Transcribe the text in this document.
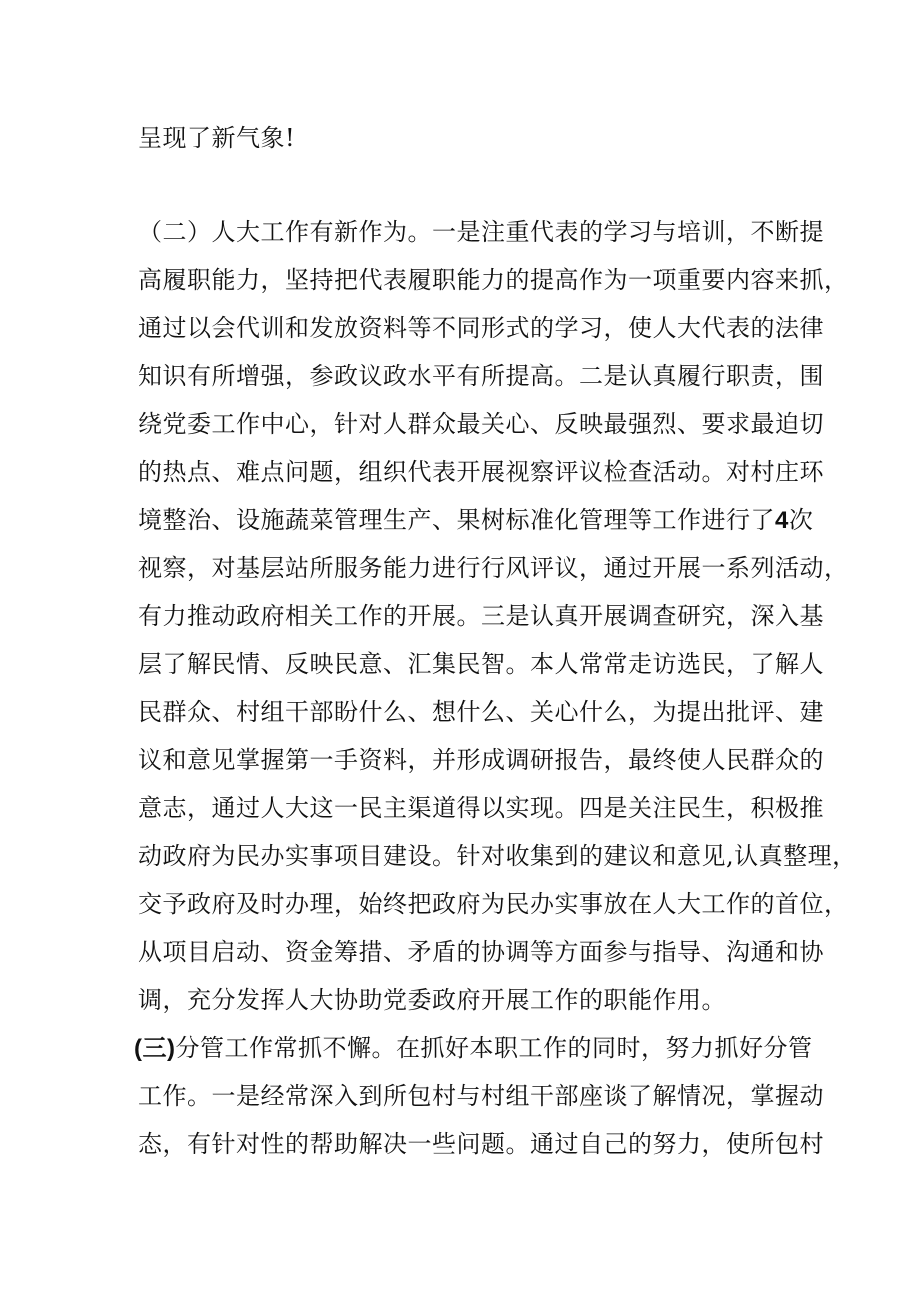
呈现了新气象!
（二）人大工作有新作为。一是注重代表的学习与培训，不断提
高履职能力，坚持把代表履职能力的提高作为一项重要内容来抓，
通过以会代训和发放资料等不同形式的学习，使人大代表的法律
知识有所增强，参政议政水平有所提高。二是认真履行职责，围
绕党委工作中心，针对人群众最关心、反映最强烈、要求最迫切
的热点、难点问题，组织代表开展视察评议检查活动。对村庄环
境整治、设施蔬菜管理生产、果树标准化管理等工作进行了4次
视察，对基层站所服务能力进行行风评议，通过开展一系列活动，
有力推动政府相关工作的开展。三是认真开展调查研究，深入基
层了解民情、反映民意、汇集民智。本人常常走访选民，了解人
民群众、村组干部盼什么、想什么、关心什么，为提出批评、建
议和意见掌握第一手资料，并形成调研报告，最终使人民群众的
意志，通过人大这一民主渠道得以实现。四是关注民生，积极推
动政府为民办实事项目建设。针对收集到的建议和意见,认真整理，
交予政府及时办理，始终把政府为民办实事放在人大工作的首位，
从项目启动、资金筹措、矛盾的协调等方面参与指导、沟通和协
调，充分发挥人大协助党委政府开展工作的职能作用。
(三)分管工作常抓不懈。在抓好本职工作的同时，努力抓好分管
工作。一是经常深入到所包村与村组干部座谈了解情况，掌握动
态，有针对性的帮助解决一些问题。通过自己的努力，使所包村
